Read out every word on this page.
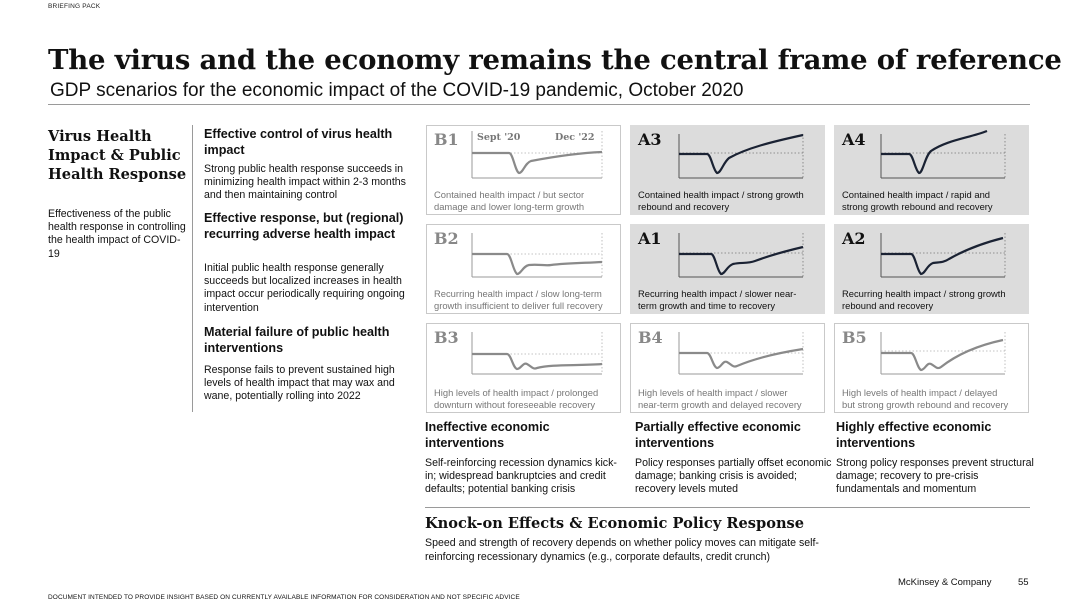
BRIEFING PACK
The virus and the economy remains the central frame of reference
GDP scenarios for the economic impact of the COVID-19 pandemic, October 2020
Virus Health Impact & Public Health Response
Effectiveness of the public health response in controlling the health impact of COVID-19
Effective control of virus health impact
Strong public health response succeeds in minimizing health impact within 2-3 months and then maintaining control
Effective response, but (regional) recurring adverse health impact
Initial public health response generally succeeds but localized increases in health impact occur periodically requiring ongoing intervention
Material failure of public health interventions
Response fails to prevent sustained high levels of health impact that may wax and wane, potentially rolling into 2022
B1 Sept '20	Dec '22
Contained health impact / but sector
damage and lower long-term growth
A3
Contained health impact / strong growth
rebound and recovery
A4
Contained health impact / rapid and
strong growth rebound and recovery
B2
Recurring health impact / slow long-term
growth insufficient to deliver full recovery
A1
Recurring health impact / slower near-
term growth and time to recovery
A2
Recurring health impact / strong growth
rebound and recovery
B3
High levels of health impact / prolonged
downturn without foreseeable recovery
B4
High levels of health impact / slower
near-term growth and delayed recovery
B5
High levels of health impact / delayed
but strong growth rebound and recovery
Ineffective economic interventions
Self-reinforcing recession dynamics kick-in; widespread bankruptcies and credit defaults; potential banking crisis
Partially effective economic interventions
Policy responses partially offset economic damage; banking crisis is avoided; recovery levels muted
Highly effective economic interventions
Strong policy responses prevent structural damage; recovery to pre-crisis fundamentals and momentum
Knock-on Effects & Economic Policy Response
Speed and strength of recovery depends on whether policy moves can mitigate self-reinforcing recessionary dynamics (e.g., corporate defaults, credit crunch)
McKinsey & Company	55
DOCUMENT INTENDED TO PROVIDE INSIGHT BASED ON CURRENTLY AVAILABLE INFORMATION FOR CONSIDERATION AND NOT SPECIFIC ADVICE
